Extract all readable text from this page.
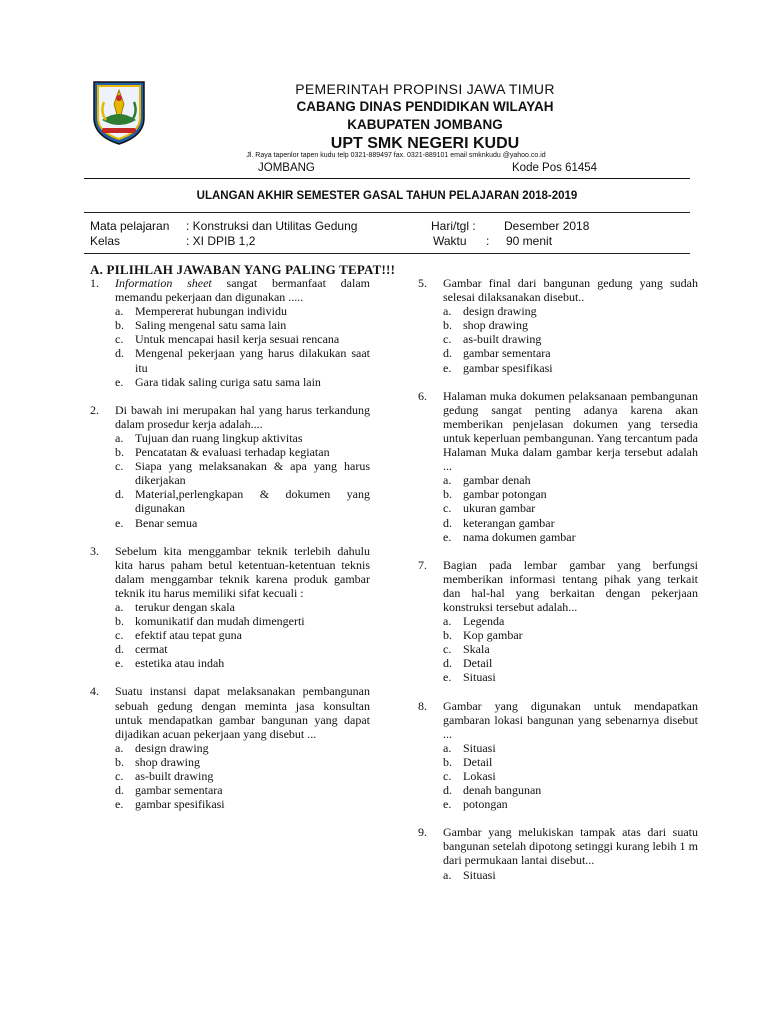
PEMERINTAH PROPINSI JAWA TIMUR
CABANG DINAS PENDIDIKAN WILAYAH
KABUPATEN JOMBANG
UPT SMK NEGERI KUDU
Jl. Raya tapenlor tapen kudu telp 0321-889497 fax. 0321-889101 email smknkudu @yahoo.co.id
JOMBANG	Kode Pos 61454
ULANGAN AKHIR SEMESTER GASAL TAHUN PELAJARAN 2018-2019
Mata pelajaran : Konstruksi dan Utilitas Gedung
Kelas	: XI DPIB 1,2
Hari/tgl : Desember 2018
Waktu : 90 menit
A. PILIHLAH JAWABAN YANG PALING TEPAT!!!
1.	Information sheet sangat bermanfaat dalam memandu pekerjaan dan digunakan .....
a. Mempererat hubungan individu
b. Saling mengenal satu sama lain
c. Untuk mencapai hasil kerja sesuai rencana
d. Mengenal pekerjaan yang harus dilakukan saat itu
e. Gara tidak saling curiga satu sama lain
2.	Di bawah ini merupakan hal yang harus terkandung dalam prosedur kerja adalah....
a. Tujuan dan ruang lingkup aktivitas
b. Pencatatan & evaluasi terhadap kegiatan
c. Siapa yang melaksanakan & apa yang harus dikerjakan
d. Material,perlengkapan & dokumen yang digunakan
e. Benar semua
3.	Sebelum kita menggambar teknik terlebih dahulu kita harus paham betul ketentuan-ketentuan teknis dalam menggambar teknik karena produk gambar teknik itu harus memiliki sifat kecuali :
a. terukur dengan skala
b. komunikatif dan mudah dimengerti
c. efektif atau tepat guna
d. cermat
e. estetika atau indah
4.	Suatu instansi dapat melaksanakan pembangunan sebuah gedung dengan meminta jasa konsultan untuk mendapatkan gambar bangunan yang dapat dijadikan acuan pekerjaan yang disebut ...
a. design drawing
b. shop drawing
c. as-built drawing
d. gambar sementara
e. gambar spesifikasi
5.	Gambar final dari bangunan gedung yang sudah selesai dilaksanakan disebut..
a. design drawing
b. shop drawing
c. as-built drawing
d. gambar sementara
e. gambar spesifikasi
6.	Halaman muka dokumen pelaksanaan pembangunan gedung sangat penting adanya karena akan memberikan penjelasan dokumen yang tersedia untuk keperluan pembangunan. Yang tercantum pada Halaman Muka dalam gambar kerja tersebut adalah ...
a. gambar denah
b. gambar potongan
c. ukuran gambar
d. keterangan gambar
e. nama dokumen gambar
7.	Bagian pada lembar gambar yang berfungsi memberikan informasi tentang pihak yang terkait dan hal-hal yang berkaitan dengan pekerjaan konstruksi tersebut adalah...
a. Legenda
b. Kop gambar
c. Skala
d. Detail
e. Situasi
8.	Gambar yang digunakan untuk mendapatkan gambaran lokasi bangunan yang sebenarnya disebut ...
a. Situasi
b. Detail
c. Lokasi
d. denah bangunan
e. potongan
9.	Gambar yang melukiskan tampak atas dari suatu bangunan setelah dipotong setinggi kurang lebih 1 m dari permukaan lantai disebut...
a. Situasi
